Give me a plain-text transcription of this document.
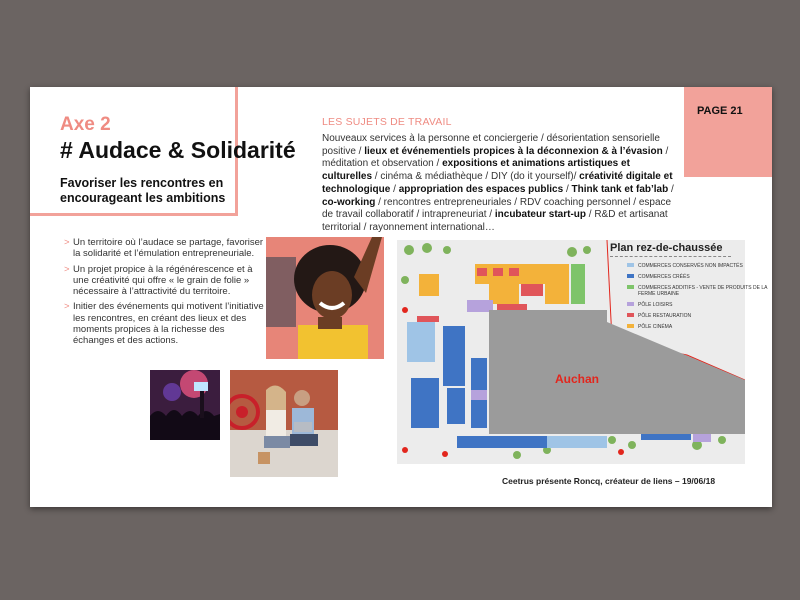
Axe 2
# Audace & Solidarité
Favoriser les rencontres en encourageant les ambitions
> Un territoire où l’audace se partage, favoriser la solidarité et l’émulation entrepreneuriale.
> Un projet propice à la régénérescence et à une créativité qui offre « le grain de folie » nécessaire à l’attractivité du territoire.
> Initier des événements qui motivent l’initiative les rencontres, en créant des lieux et des moments propices à la richesse des échanges et des actions.
LES SUJETS DE TRAVAIL
Nouveaux services à la personne et conciergerie / désorientation sensorielle positive / lieux et événementiels propices à la déconnexion & à l’évasion / méditation et observation / expositions et animations artistiques et culturelles / cinéma & médiathèque / DIY (do it yourself)/ créativité digitale et technologique / appropriation des espaces publics / Think tank et fab’lab / co-working / rencontres entrepreneuriales / RDV coaching personnel / espace de travail collaboratif / intrapreneuriat / incubateur start-up / R&D et artisanat territorial / rayonnement international…
PAGE 21
Auchan
Plan rez-de-chaussée
COMMERCES CONSERVÉS NON IMPACTÉS
COMMERCES CRÉÉS
COMMERCES ADDITIFS - VENTE DE PRODUITS DE LA FERME URBAINE
PÔLE LOISIRS
PÔLE RESTAURATION
PÔLE CINÉMA
Ceetrus présente Roncq, créateur de liens – 19/06/18
